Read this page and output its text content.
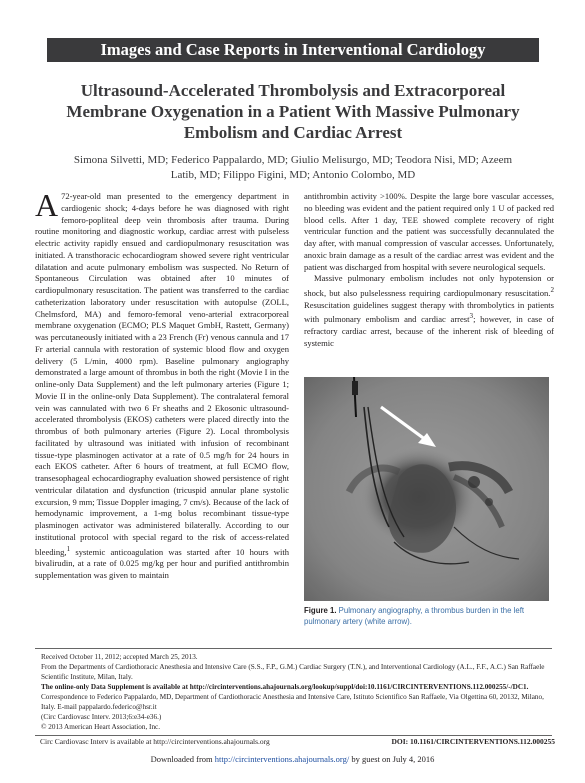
Images and Case Reports in Interventional Cardiology
Ultrasound-Accelerated Thrombolysis and Extracorporeal Membrane Oxygenation in a Patient With Massive Pulmonary Embolism and Cardiac Arrest
Simona Silvetti, MD; Federico Pappalardo, MD; Giulio Melisurgo, MD; Teodora Nisi, MD; Azeem Latib, MD; Filippo Figini, MD; Antonio Colombo, MD

A 72-year-old man presented to the emergency department in cardiogenic shock; 4-days before he was diagnosed with right femoro-popliteal deep vein thrombosis after trauma. During routine monitoring and diagnostic workup, cardiac arrest with pulseless electric activity rapidly ensued and cardiopulmonary resuscitation was initiated. A transthoracic echocardiogram showed severe right ventricular dilatation and acute pulmonary embolism was suspected. No Return of Spontaneous Circulation was obtained after 10 minutes of cardiopulmonary resuscitation. The patient was transferred to the cardiac catheterization laboratory under resuscitation with autopulse (ZOLL, Chelmsford, MA) and femoro-femoral veno-arterial extracorporeal membrane oxygenation (ECMO; PLS Maquet GmbH, Rastett, Germany) was percutaneously initiated with a 23 French (Fr) venous cannula and 17 Fr arterial cannula with restoration of systemic blood flow and oxygen delivery (5 L/min, 4000 rpm). Baseline pulmonary angiography demonstrated a large amount of thrombus in both the right (Movie I in the online-only Data Supplement) and the left pulmonary arteries (Figure 1; Movie II in the online-only Data Supplement). The contralateral femoral vein was cannulated with two 6 Fr sheaths and 2 Ekosonic ultrasound-accelerated thrombolysis (EKOS) catheters were placed directly into the thrombus of both pulmonary arteries (Figure 2). Local thrombolysis facilitated by ultrasound was initiated with infusion of recombinant tissue-type plasminogen activator at a rate of 0.5 mg/h for 24 hours in each EKOS catheter. After 6 hours of treatment, at full ECMO flow, transesophageal echocardiography evaluation showed persistence of right ventricular dilatation and dysfunction (tricuspid annular plane systolic excursion, 9 mm; Tissue Doppler imaging, 7 cm/s). Because of the lack of hemodynamic improvement, a 1-mg bolus recombinant tissue-type plasminogen activator was administered bilaterally. According to our institutional protocol with special regard to the risk of access-related bleeding,$^1$ systemic anticoagulation was started after 10 hours with bivalirudin, at a rate of 0.025 mg/kg per hour and purified antithrombin supplementation was given to maintain

antithrombin activity >100%. Despite the large bore vascular accesses, no bleeding was evident and the patient required only 1 U of packed red blood cells. After 1 day, TEE showed complete recovery of right ventricular function and the patient was successfully decannulated the day after, with manual compression of vascular accesses. Unfortunately, anoxic brain damage as a result of the cardiac arrest was evident and the patient was discharged from hospital with severe neurological sequels.

Massive pulmonary embolism includes not only hypotension or shock, but also pulselessness requiring cardiopulmonary resuscitation.$^2$ Resuscitation guidelines suggest therapy with thrombolytics in patients with pulmonary embolism and cardiac arrest$^3$; however, in case of refractory cardiac arrest, because of the inherent risk of bleeding of systemic

Figure 1. Pulmonary angiography, a thrombus burden in the left pulmonary artery (white arrow).

Received October 11, 2012; accepted March 25, 2013.

From the Departments of Cardiothoracic Anesthesia and Intensive Care (S.S., F.P., G.M.) Cardiac Surgery (T.N.), and Interventional Cardiology (A.L., F.F., A.C.) San Raffaele Scientific Institute, Milan, Italy.

The online-only Data Supplement is available at http://circinterventions.ahajournals.org/lookup/suppl/doi:10.1161/CIRCINTERVENTIONS.112.000255/-/DC1.

Correspondence to Federico Pappalardo, MD, Department of Cardiothoracic Anesthesia and Intensive Care, Istituto Scientifico San Raffaele, Via Olgettina 60, 20132, Milano, Italy. E-mail pappalardo.federico@hsr.it

(Circ Cardiovasc Interv. 2013;6:e34-e36.)

© 2013 American Heart Association, Inc.

Circ Cardiovasc Interv is available at http://circinterventions.ahajournals.org	DOI: 10.1161/CIRCINTERVENTIONS.112.000255
Downloaded from http://circinterventions.ahajournals.org/ by guest on July 4, 2016
